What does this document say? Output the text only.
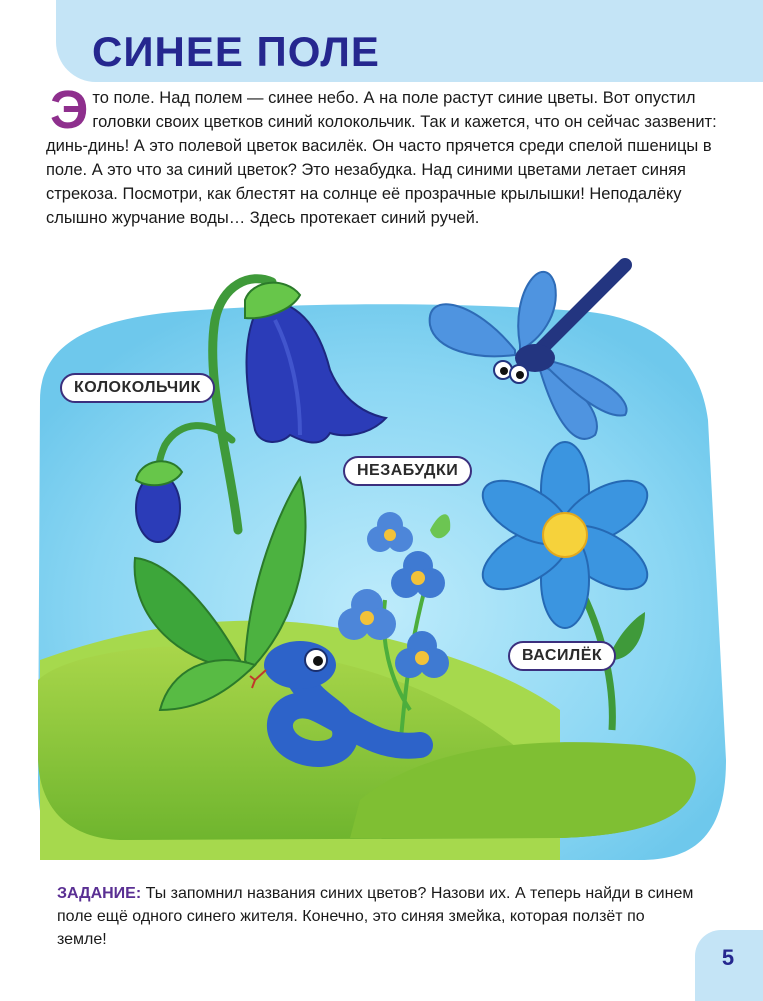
СИНЕЕ ПОЛЕ
Это поле. Над полем — синее небо. А на поле растут синие цветы. Вот опустил головки своих цветков синий колокольчик. Так и кажется, что он сейчас зазвенит: динь-динь! А это полевой цветок василёк. Он часто прячется среди спелой пшеницы в поле. А это что за синий цветок? Это незабудка. Над синими цветами летает синяя стрекоза. Посмотри, как блестят на солнце её прозрачные крылышки! Неподалёку слышно журчание воды… Здесь протекает синий ручей.
КОЛОКОЛЬЧИК
НЕЗАБУДКИ
ВАСИЛЁК
ЗАДАНИЕ: Ты запомнил названия синих цветов? Назови их. А теперь найди в синем поле ещё одного синего жителя. Конечно, это синяя змейка, которая ползёт по земле!
5
